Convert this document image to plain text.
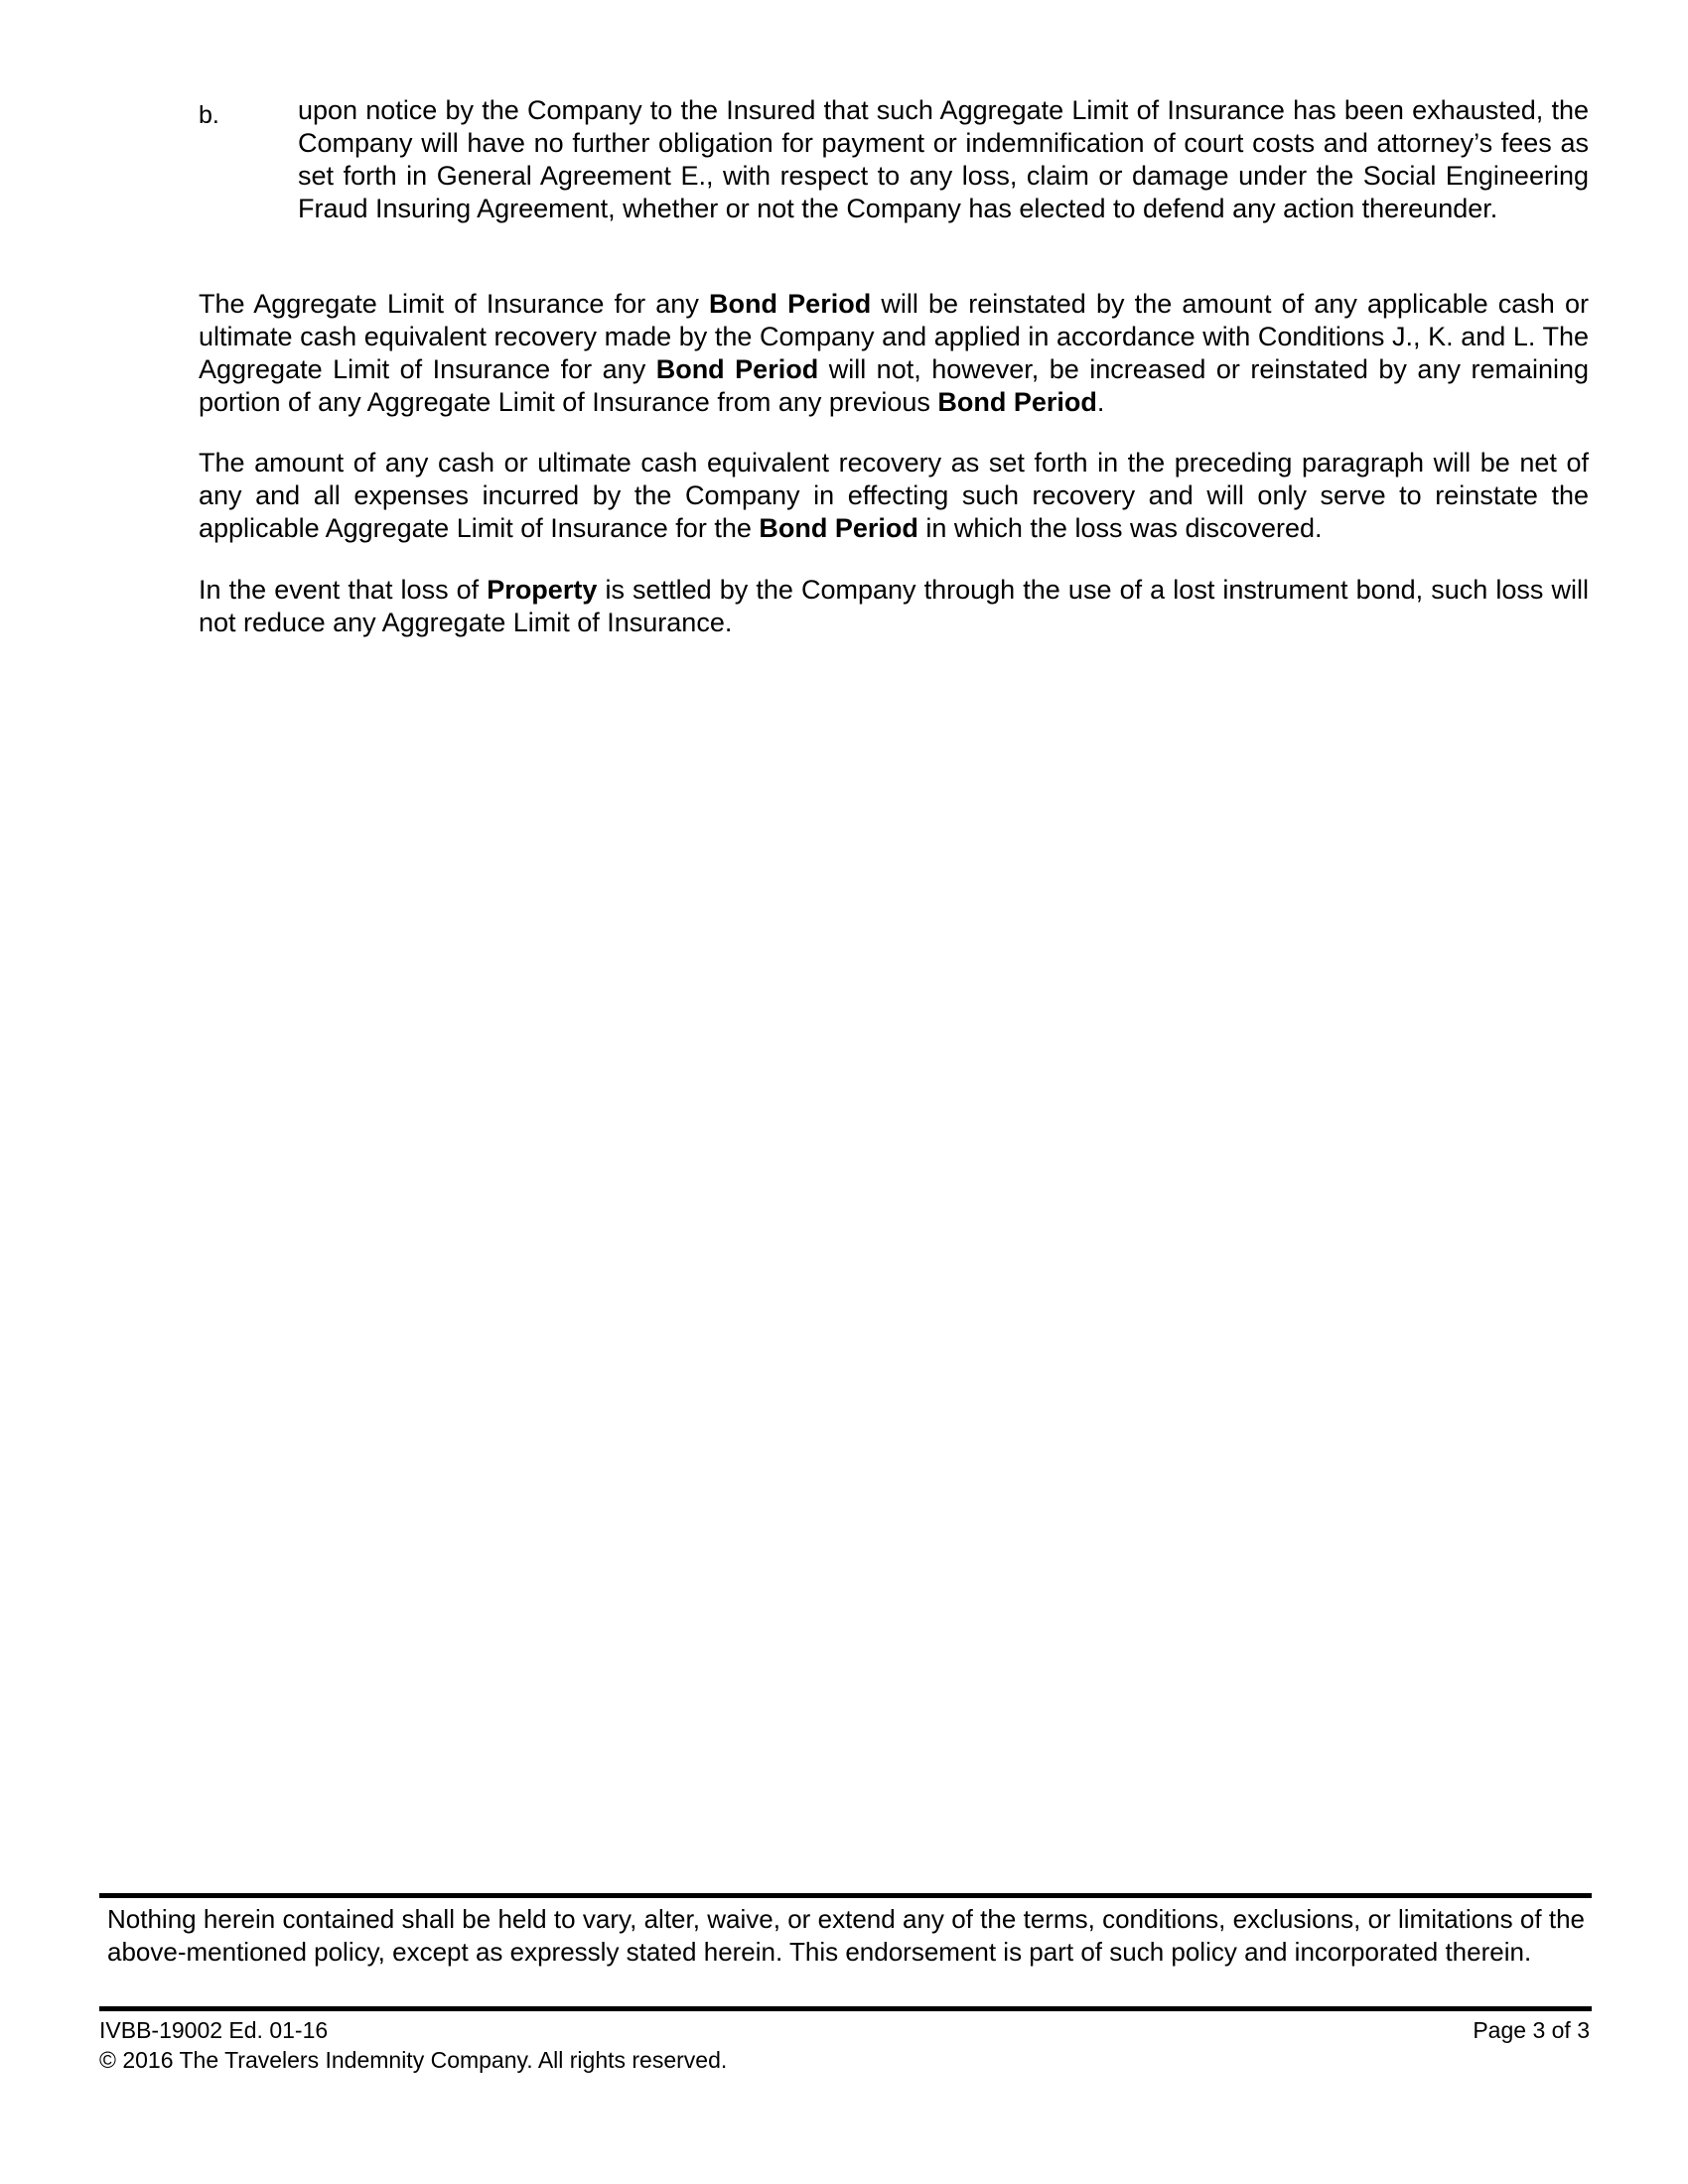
b.	upon notice by the Company to the Insured that such Aggregate Limit of Insurance has been exhausted, the Company will have no further obligation for payment or indemnification of court costs and attorney’s fees as set forth in General Agreement E., with respect to any loss, claim or damage under the Social Engineering Fraud Insuring Agreement, whether or not the Company has elected to defend any action thereunder.

The Aggregate Limit of Insurance for any Bond Period will be reinstated by the amount of any applicable cash or ultimate cash equivalent recovery made by the Company and applied in accordance with Conditions J., K. and L. The Aggregate Limit of Insurance for any Bond Period will not, however, be increased or reinstated by any remaining portion of any Aggregate Limit of Insurance from any previous Bond Period.

The amount of any cash or ultimate cash equivalent recovery as set forth in the preceding paragraph will be net of any and all expenses incurred by the Company in effecting such recovery and will only serve to reinstate the applicable Aggregate Limit of Insurance for the Bond Period in which the loss was discovered.

In the event that loss of Property is settled by the Company through the use of a lost instrument bond, such loss will not reduce any Aggregate Limit of Insurance.

Nothing herein contained shall be held to vary, alter, waive, or extend any of the terms, conditions, exclusions, or limitations of the above-mentioned policy, except as expressly stated herein. This endorsement is part of such policy and incorporated therein.

IVBB-19002 Ed. 01-16	Page 3 of 3
© 2016 The Travelers Indemnity Company. All rights reserved.
